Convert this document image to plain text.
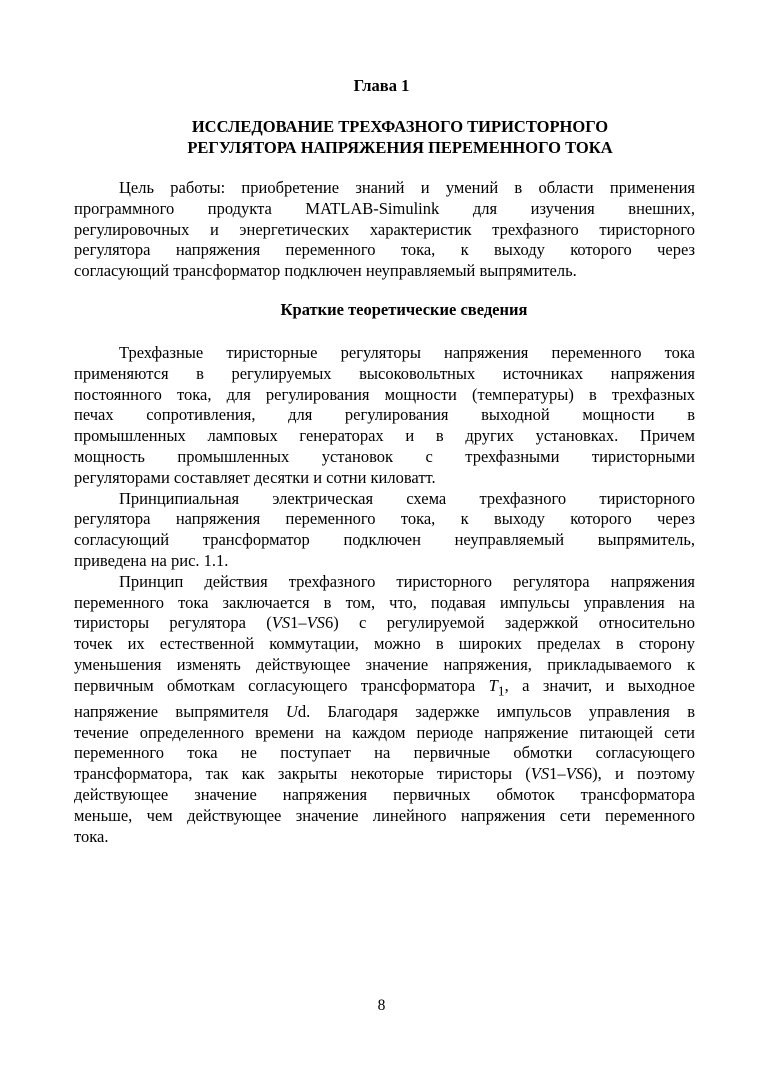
Глава 1
ИССЛЕДОВАНИЕ ТРЕХФАЗНОГО ТИРИСТОРНОГО
РЕГУЛЯТОРА НАПРЯЖЕНИЯ ПЕРЕМЕННОГО ТОКА
Цель работы: приобретение знаний и умений в области применения
программного продукта MATLAB-Simulink для изучения внешних,
регулировочных и энергетических характеристик трехфазного тиристорного
регулятора напряжения переменного тока, к выходу которого через
согласующий трансформатор подключен неуправляемый выпрямитель.
Краткие теоретические сведения
Трехфазные тиристорные регуляторы напряжения переменного тока
применяются в регулируемых высоковольтных источниках напряжения
постоянного тока, для регулирования мощности (температуры) в трехфазных
печах сопротивления, для регулирования выходной мощности в
промышленных ламповых генераторах и в других установках. Причем
мощность промышленных установок с трехфазными тиристорными
регуляторами составляет десятки и сотни киловатт.
Принципиальная электрическая схема трехфазного тиристорного
регулятора напряжения переменного тока, к выходу которого через
согласующий трансформатор подключен неуправляемый выпрямитель,
приведена на рис. 1.1.
Принцип действия трехфазного тиристорного регулятора напряжения
переменного тока заключается в том, что, подавая импульсы управления на
тиристоры регулятора (VS1–VS6) с регулируемой задержкой относительно
точек их естественной коммутации, можно в широких пределах в сторону
уменьшения изменять действующее значение напряжения, прикладываемого к
первичным обмоткам согласующего трансформатора $T_1$, а значит, и выходное
напряжение выпрямителя Ud. Благодаря задержке импульсов управления в
течение определенного времени на каждом периоде напряжение питающей сети
переменного тока не поступает на первичные обмотки согласующего
трансформатора, так как закрыты некоторые тиристоры (VS1–VS6), и поэтому
действующее значение напряжения первичных обмоток трансформатора
меньше, чем действующее значение линейного напряжения сети переменного
тока.
8
